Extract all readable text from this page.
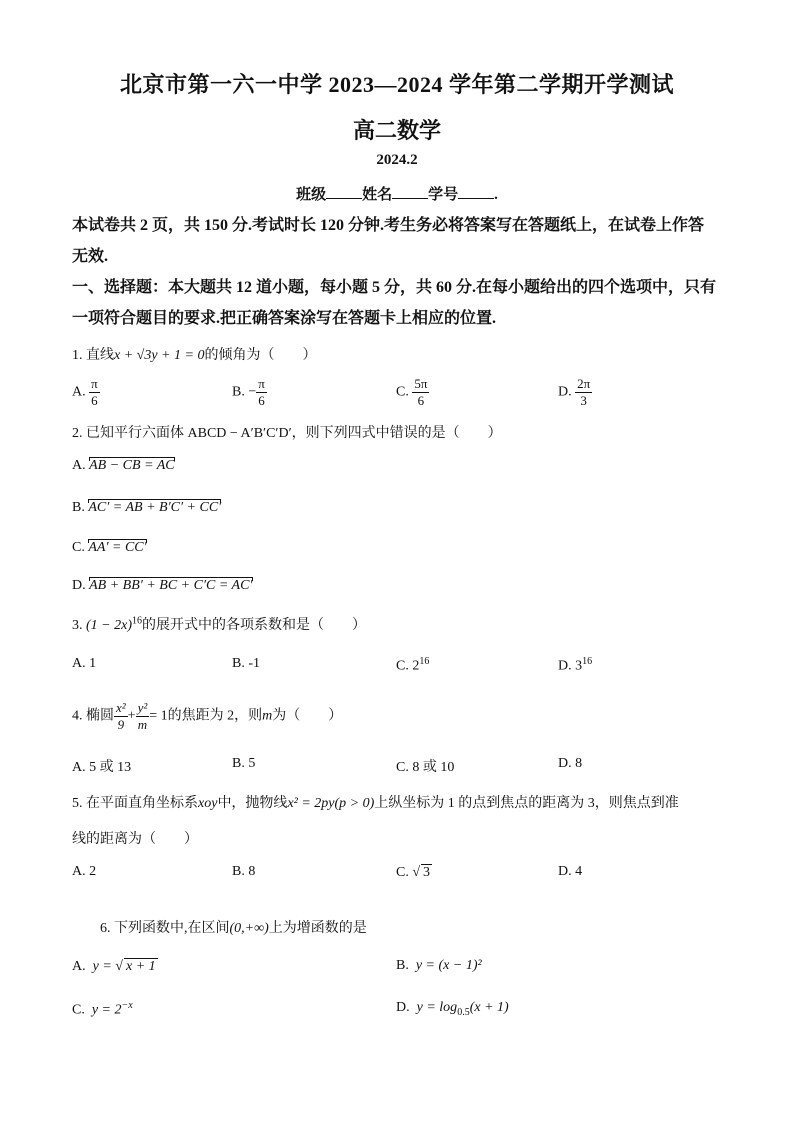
北京市第一六一中学 2023—2024 学年第二学期开学测试
高二数学
2024.2
班级 姓名 学号 .
本试卷共 2 页，共 150 分.考试时长 120 分钟.考生务必将答案写在答题纸上，在试卷上作答
无效.
一、选择题：本大题共 12 道小题，每小题 5 分，共 60 分.在每小题给出的四个选项中，只有
一项符合题目的要求.把正确答案涂写在答题卡上相应的位置.
1. 直线x + √3y + 1 = 0的倾角为（　　）
A. $\frac{\pi}{6}$	B. − $\frac{\pi}{6}$	C. $\frac{5\pi}{6}$	D. $\frac{2\pi}{3}$
2. 已知平行六面体 ABCD − A′B′C′D′，则下列四式中错误的是（　　）
A. AB − CB = AC
B. AC′ = AB + B′C′ + CC′
C. AA′ = CC′
D. AB + BB′ + BC + C′C = AC′
3. $(1 - 2x)^{16}$的展开式中的各项系数和是（　　）
A. 1	B. -1	C. $2^{16}$	D. $3^{16}$
4. 椭圆 $\frac{\text{x²}}{9} + \frac{\text{y²}}{m} = 1$的焦距为 2，则m为（　　）
A. 5 或 13	B. 5	C. 8 或 10	D. 8
5. 在平面直角坐标系xoy中，抛物线x² = 2py(p > 0)上纵坐标为 1 的点到焦点的距离为 3，则焦点到准
线的距离为（　　）
A. 2	B. 8	C. √ 3	D. 4
6. 下列函数中,在区间(0,+∞)上为增函数的是
A. y = √ x + 1	B. y = (x − 1)²
C. $y = 2^{-x}$	D. $y = \log_{0.5}(x + 1)$
